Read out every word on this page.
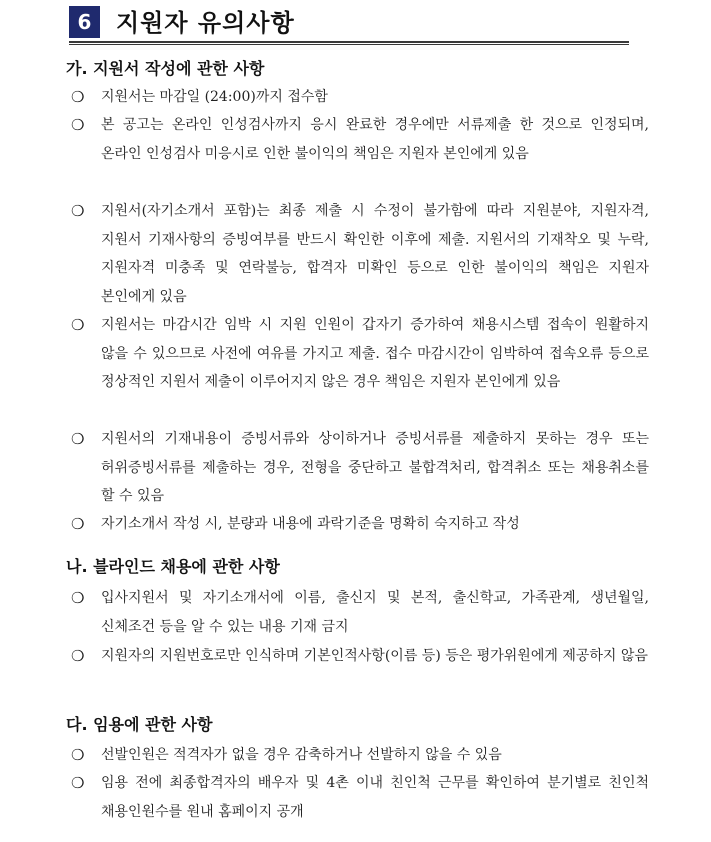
6	지원자 유의사항
가. 지원서 작성에 관한 사항
❍ 지원서는 마감일 (24:00)까지 접수함
❍ 본 공고는 온라인 인성검사까지 응시 완료한 경우에만 서류제출 한 것으로 인정되며, 온라인 인성검사 미응시로 인한 불이익의 책임은 지원자 본인에게 있음
❍ 지원서(자기소개서 포함)는 최종 제출 시 수정이 불가함에 따라 지원분야, 지원자격, 지원서 기재사항의 증빙여부를 반드시 확인한 이후에 제출. 지원서의 기재착오 및 누락, 지원자격 미충족 및 연락불능, 합격자 미확인 등으로 인한 불이익의 책임은 지원자 본인에게 있음
❍ 지원서는 마감시간 임박 시 지원 인원이 갑자기 증가하여 채용시스템 접속이 원활하지 않을 수 있으므로 사전에 여유를 가지고 제출. 접수 마감시간이 임박하여 접속오류 등으로 정상적인 지원서 제출이 이루어지지 않은 경우 책임은 지원자 본인에게 있음
❍ 지원서의 기재내용이 증빙서류와 상이하거나 증빙서류를 제출하지 못하는 경우 또는 허위증빙서류를 제출하는 경우, 전형을 중단하고 불합격처리, 합격취소 또는 채용취소를 할 수 있음
❍ 자기소개서 작성 시, 분량과 내용에 과락기준을 명확히 숙지하고 작성
나. 블라인드 채용에 관한 사항
❍ 입사지원서 및 자기소개서에 이름, 출신지 및 본적, 출신학교, 가족관계, 생년월일, 신체조건 등을 알 수 있는 내용 기재 금지
❍ 지원자의 지원번호로만 인식하며 기본인적사항(이름 등) 등은 평가위원에게 제공하지 않음
다. 임용에 관한 사항
❍ 선발인원은 적격자가 없을 경우 감축하거나 선발하지 않을 수 있음
❍ 임용 전에 최종합격자의 배우자 및 4촌 이내 친인척 근무를 확인하여 분기별로 친인척 채용인원수를 원내 홈페이지 공개
